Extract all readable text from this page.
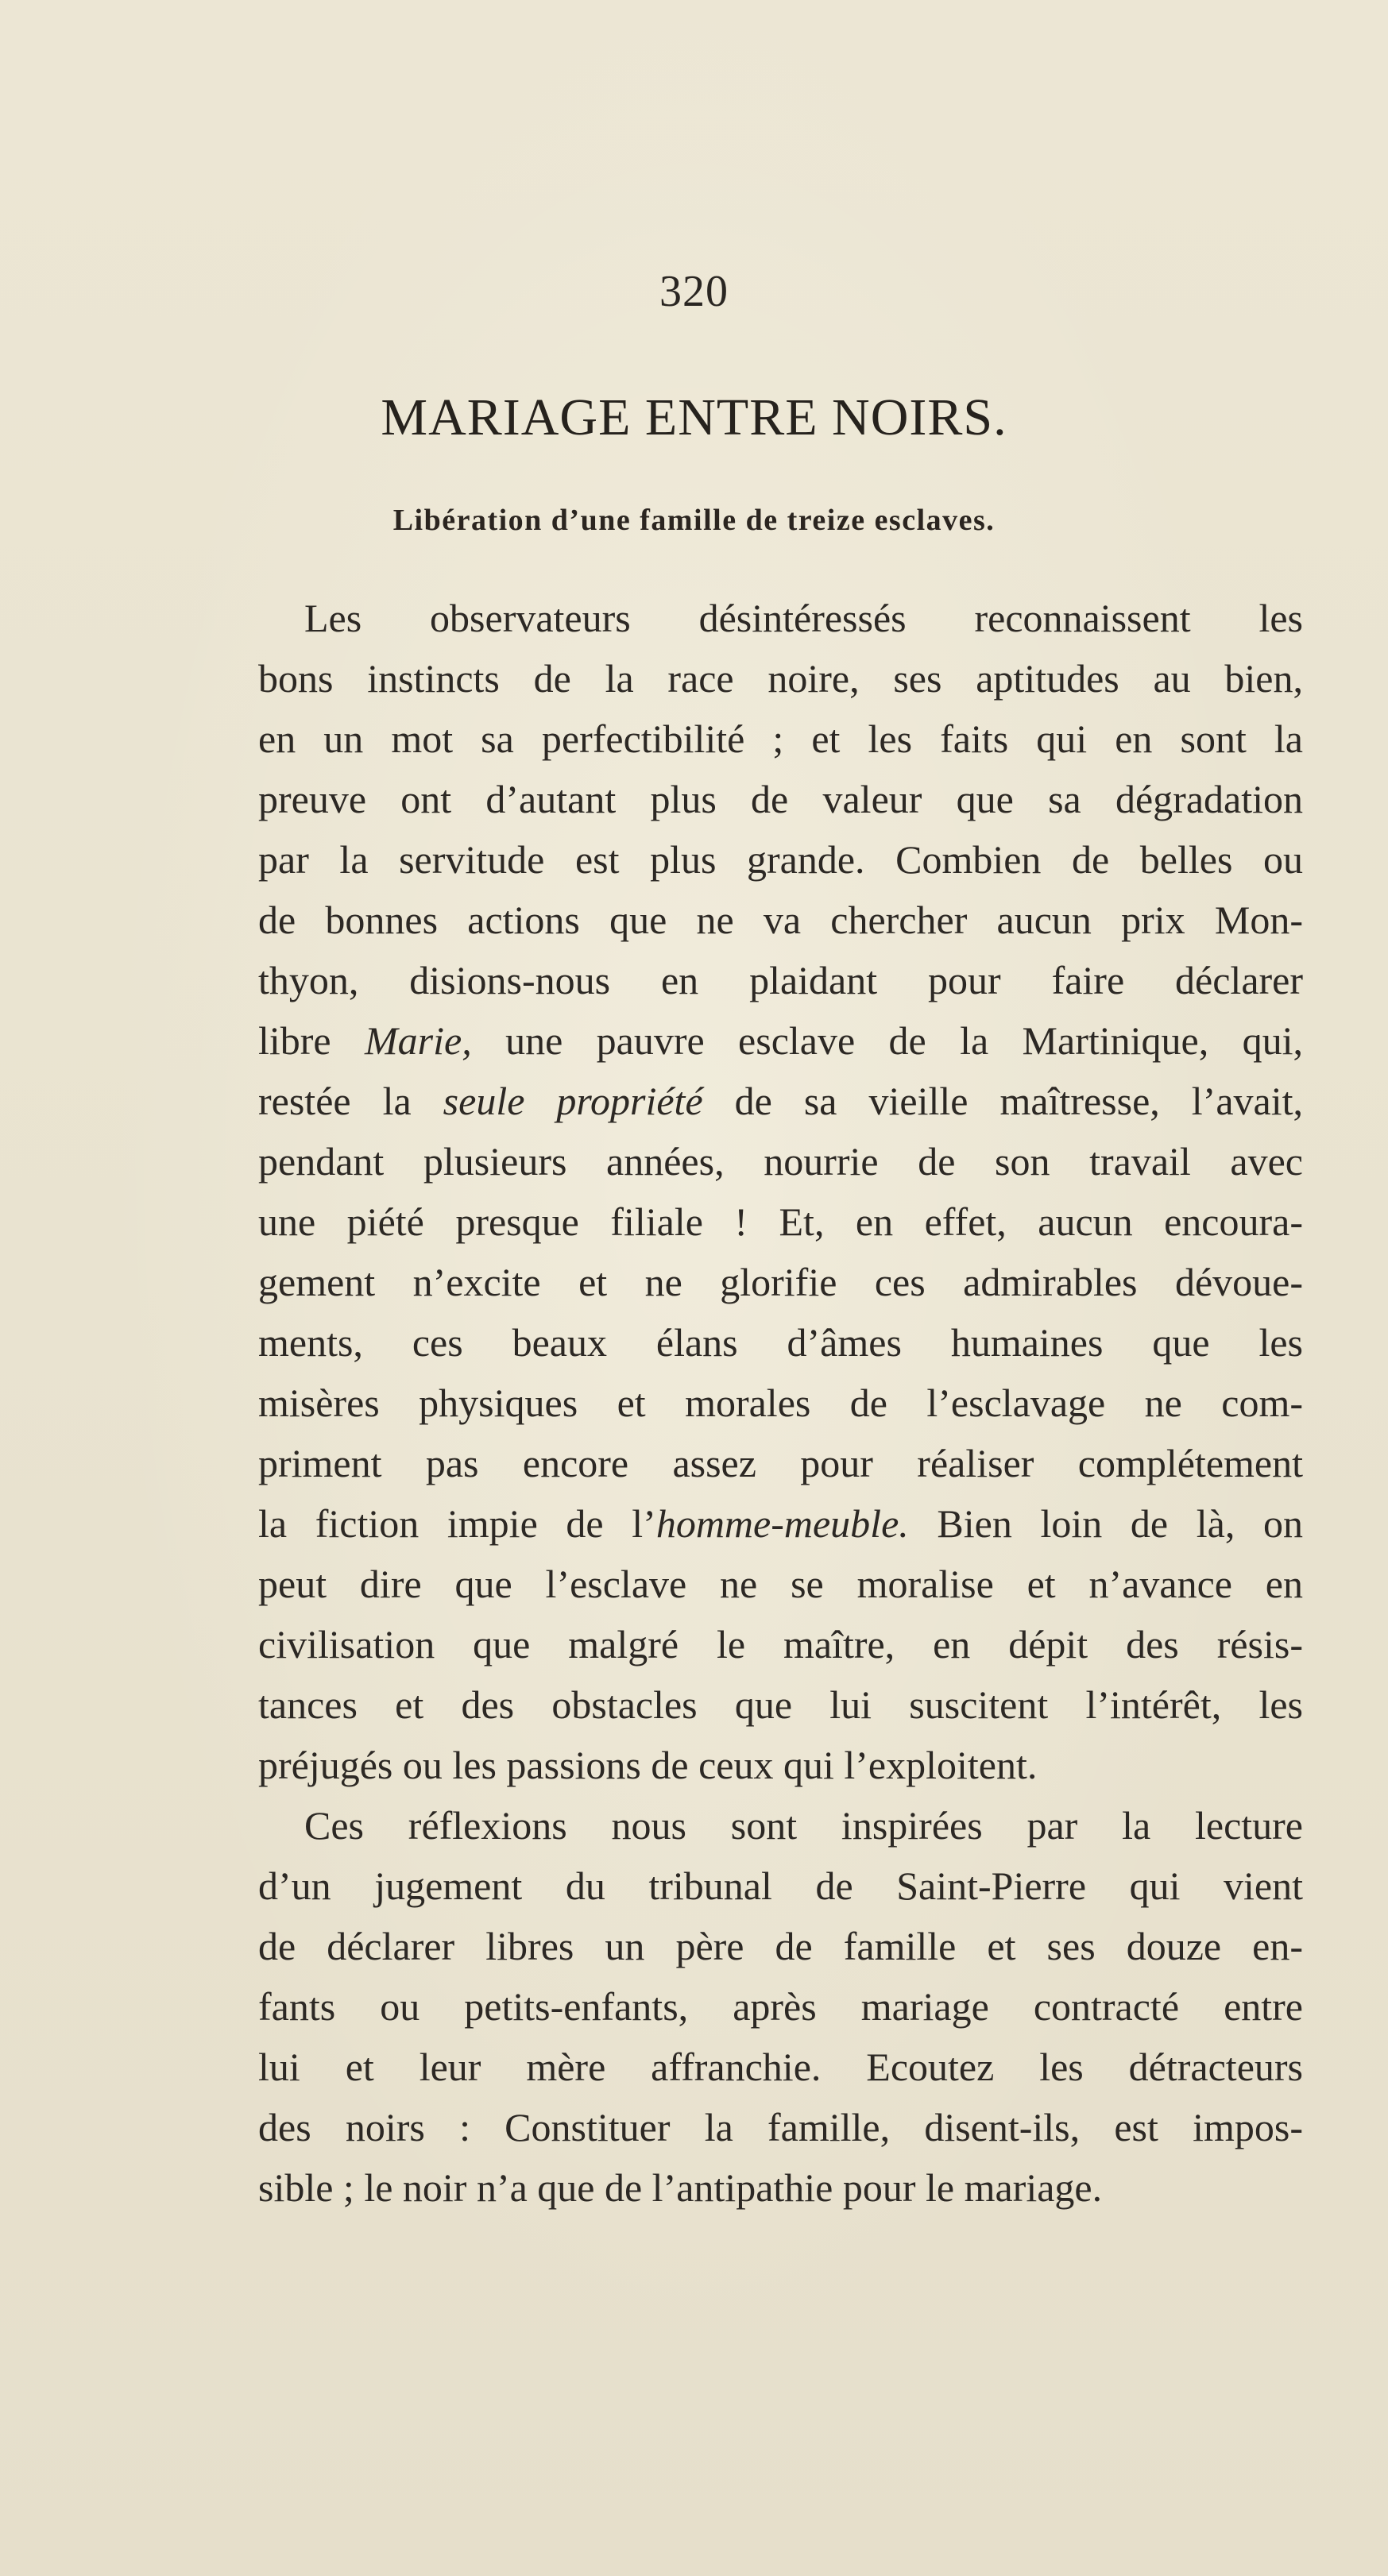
320
MARIAGE ENTRE NOIRS.
Libération d’une famille de treize esclaves.
Les observateurs désintéressés reconnaissent les
bons instincts de la race noire, ses aptitudes au bien,
en un mot sa perfectibilité ; et les faits qui en sont la
preuve ont d’autant plus de valeur que sa dégradation
par la servitude est plus grande. Combien de belles ou
de bonnes actions que ne va chercher aucun prix Mon-
thyon, disions-nous en plaidant pour faire déclarer
libre Marie, une pauvre esclave de la Martinique, qui,
restée la seule propriété de sa vieille maîtresse, l’avait,
pendant plusieurs années, nourrie de son travail avec
une piété presque filiale ! Et, en effet, aucun encoura-
gement n’excite et ne glorifie ces admirables dévoue-
ments, ces beaux élans d’âmes humaines que les
misères physiques et morales de l’esclavage ne com-
priment pas encore assez pour réaliser complétement
la fiction impie de l’homme-meuble. Bien loin de là, on
peut dire que l’esclave ne se moralise et n’avance en
civilisation que malgré le maître, en dépit des résis-
tances et des obstacles que lui suscitent l’intérêt, les
préjugés ou les passions de ceux qui l’exploitent.
Ces réflexions nous sont inspirées par la lecture
d’un jugement du tribunal de Saint-Pierre qui vient
de déclarer libres un père de famille et ses douze en-
fants ou petits-enfants, après mariage contracté entre
lui et leur mère affranchie. Ecoutez les détracteurs
des noirs : Constituer la famille, disent-ils, est impos-
sible ; le noir n’a que de l’antipathie pour le mariage.
